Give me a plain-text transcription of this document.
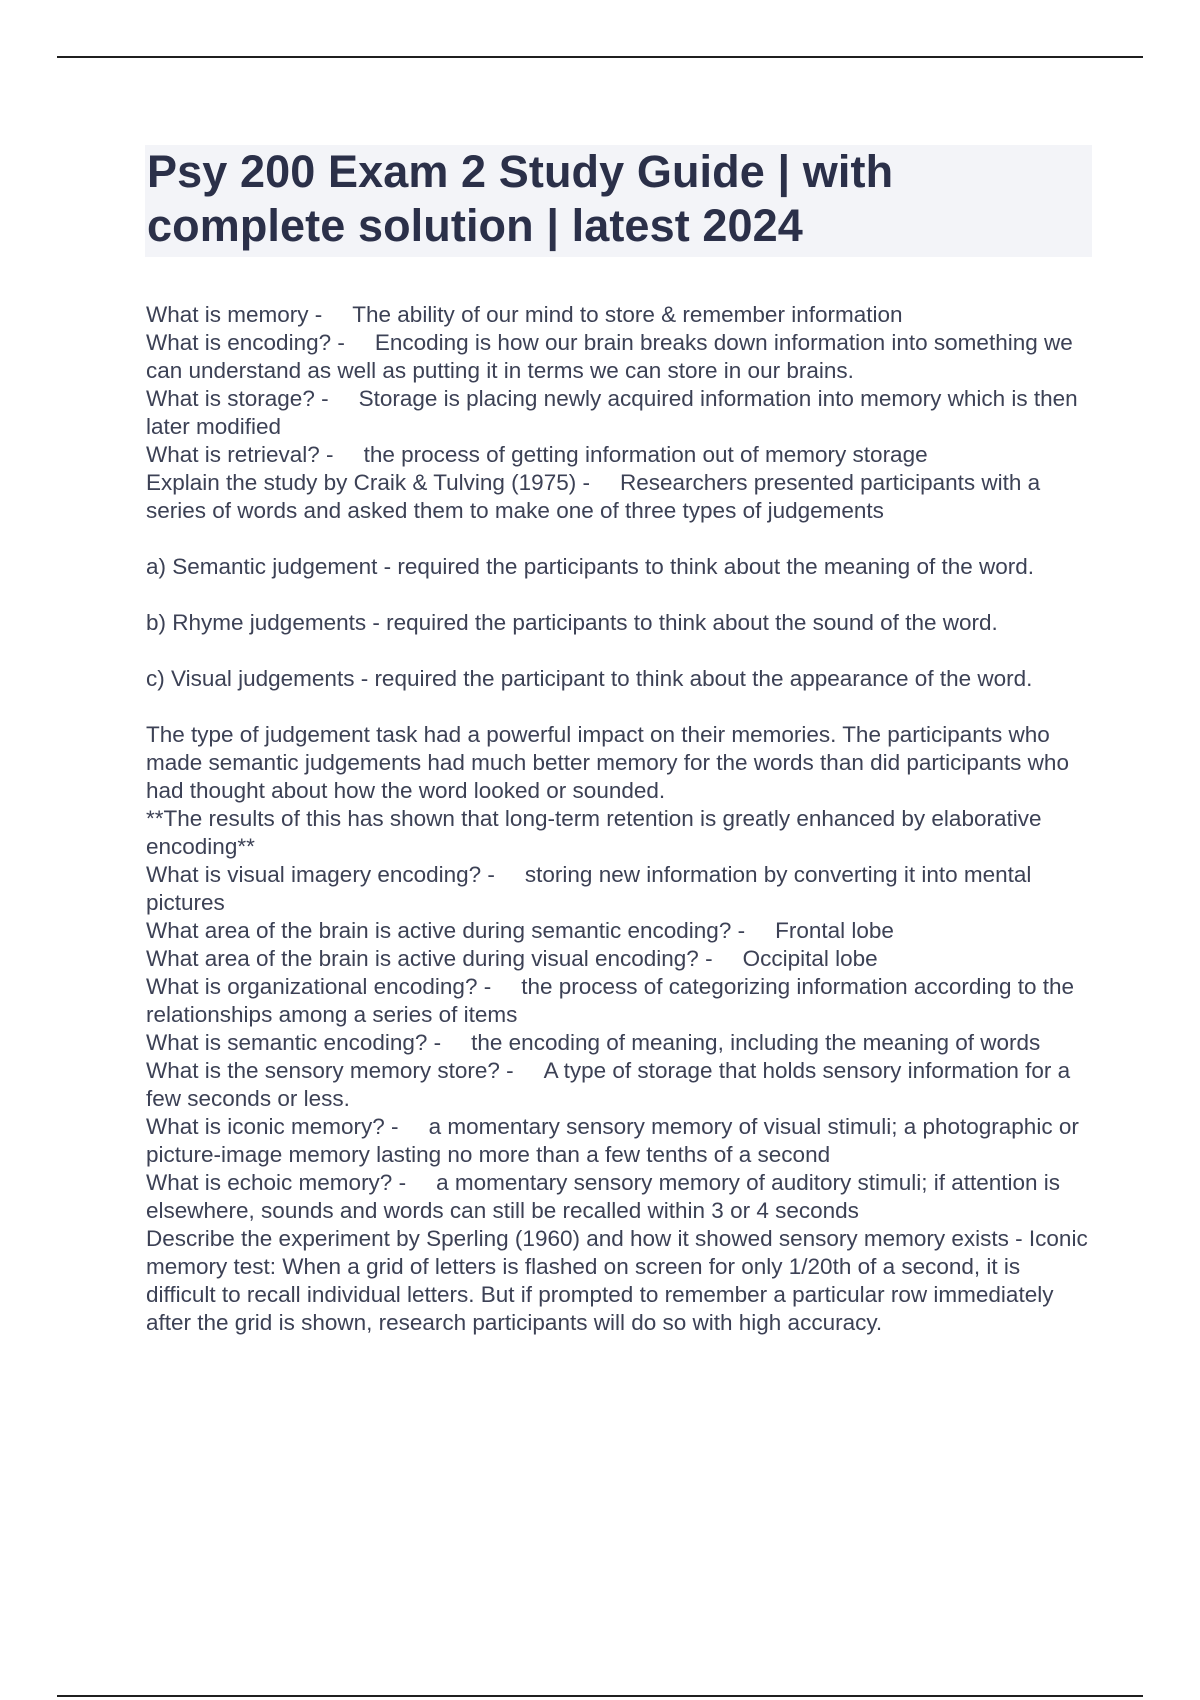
Psy 200 Exam 2 Study Guide | with complete solution | latest 2024

What is memory - The ability of our mind to store & remember information

What is encoding? - Encoding is how our brain breaks down information into something we can understand as well as putting it in terms we can store in our brains.

What is storage? - Storage is placing newly acquired information into memory which is then later modified

What is retrieval? - the process of getting information out of memory storage

Explain the study by Craik & Tulving (1975) - Researchers presented participants with a series of words and asked them to make one of three types of judgements

a) Semantic judgement - required the participants to think about the meaning of the word.

b) Rhyme judgements - required the participants to think about the sound of the word.

c) Visual judgements - required the participant to think about the appearance of the word.

The type of judgement task had a powerful impact on their memories. The participants who made semantic judgements had much better memory for the words than did participants who had thought about how the word looked or sounded.

**The results of this has shown that long-term retention is greatly enhanced by elaborative encoding**

What is visual imagery encoding? - storing new information by converting it into mental pictures

What area of the brain is active during semantic encoding? - Frontal lobe

What area of the brain is active during visual encoding? - Occipital lobe

What is organizational encoding? - the process of categorizing information according to the relationships among a series of items

What is semantic encoding? - the encoding of meaning, including the meaning of words

What is the sensory memory store? - A type of storage that holds sensory information for a few seconds or less.

What is iconic memory? - a momentary sensory memory of visual stimuli; a photographic or picture-image memory lasting no more than a few tenths of a second

What is echoic memory? - a momentary sensory memory of auditory stimuli; if attention is elsewhere, sounds and words can still be recalled within 3 or 4 seconds

Describe the experiment by Sperling (1960) and how it showed sensory memory exists - Iconic memory test: When a grid of letters is flashed on screen for only 1/20th of a second, it is difficult to recall individual letters. But if prompted to remember a particular row immediately after the grid is shown, research participants will do so with high accuracy.
